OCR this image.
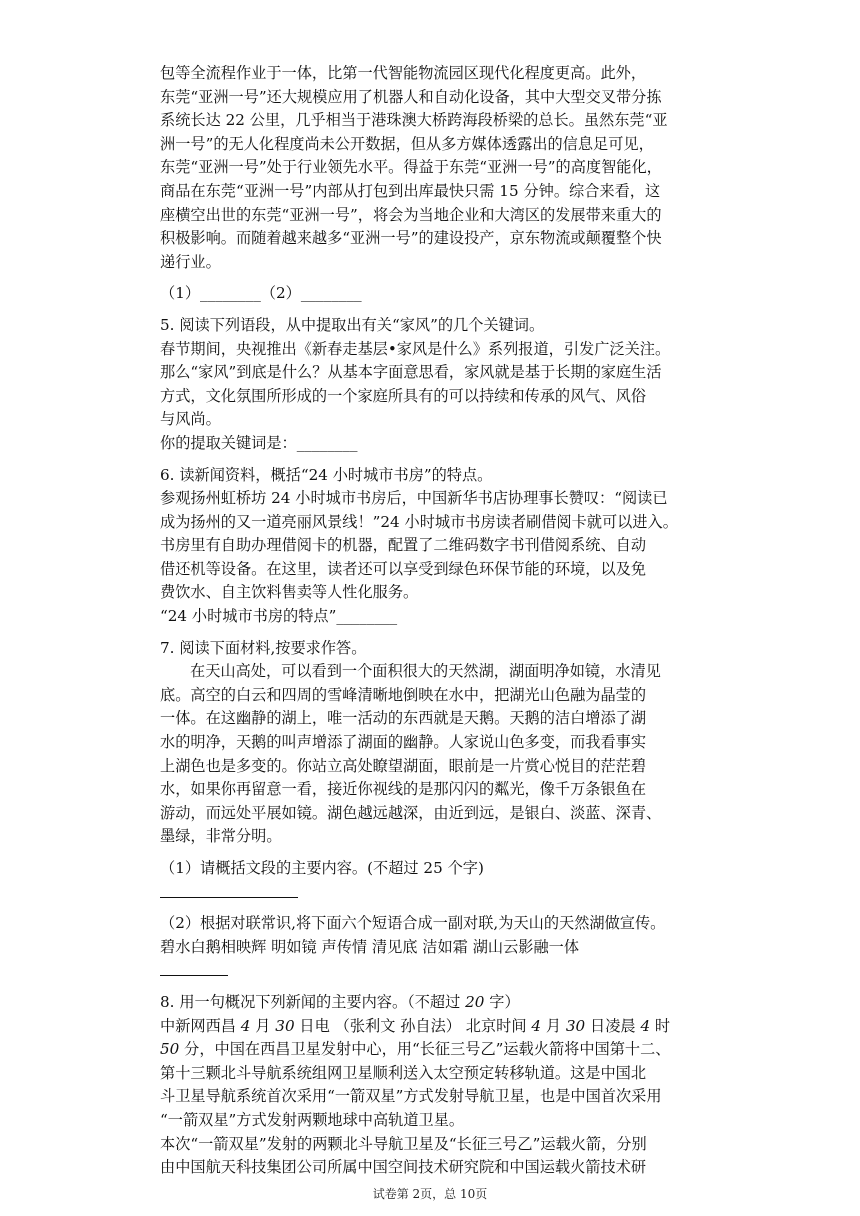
包等全流程作业于一体，比第一代智能物流园区现代化程度更高。此外，
东莞“亚洲一号”还大规模应用了机器人和自动化设备，其中大型交叉带分拣
系统长达 22 公里，几乎相当于港珠澳大桥跨海段桥梁的总长。虽然东莞“亚
洲一号”的无人化程度尚未公开数据，但从多方媒体透露出的信息足可见，
东莞“亚洲一号”处于行业领先水平。得益于东莞“亚洲一号”的高度智能化，
商品在东莞“亚洲一号”内部从打包到出库最快只需 15 分钟。综合来看，这
座横空出世的东莞“亚洲一号”，将会为当地企业和大湾区的发展带来重大的
积极影响。而随着越来越多“亚洲一号”的建设投产，京东物流或颠覆整个快
递行业。
（1）________（2）________
5. 阅读下列语段，从中提取出有关“家风”的几个关键词。
春节期间，央视推出《新春走基层•家风是什么》系列报道，引发广泛关注。
那么“家风”到底是什么？从基本字面意思看，家风就是基于长期的家庭生活
方式，文化氛围所形成的一个家庭所具有的可以持续和传承的风气、风俗
与风尚。
你的提取关键词是：________
6. 读新闻资料，概括“24 小时城市书房”的特点。
参观扬州虹桥坊 24 小时城市书房后，中国新华书店协理事长赞叹：“阅读已
成为扬州的又一道亮丽风景线！”24 小时城市书房读者刷借阅卡就可以进入。
书房里有自助办理借阅卡的机器，配置了二维码数字书刊借阅系统、自动
借还机等设备。在这里，读者还可以享受到绿色环保节能的环境，以及免
费饮水、自主饮料售卖等人性化服务。
“24 小时城市书房的特点”________
7. 阅读下面材料,按要求作答。
在天山高处，可以看到一个面积很大的天然湖，湖面明净如镜，水清见
底。高空的白云和四周的雪峰清晰地倒映在水中，把湖光山色融为晶莹的
一体。在这幽静的湖上，唯一活动的东西就是天鹅。天鹅的洁白增添了湖
水的明净，天鹅的叫声增添了湖面的幽静。人家说山色多变，而我看事实
上湖色也是多变的。你站立高处瞭望湖面，眼前是一片赏心悦目的茫茫碧
水，如果你再留意一看，接近你视线的是那闪闪的粼光，像千万条银鱼在
游动，而远处平展如镜。湖色越远越深，由近到远，是银白、淡蓝、深青、
墨绿，非常分明。
（1）请概括文段的主要内容。(不超过 25 个字)
（2）根据对联常识,将下面六个短语合成一副对联,为天山的天然湖做宣传。
碧水白鹅相映辉 明如镜 声传情 清见底 洁如霜 湖山云影融一体
8. 用一句概况下列新闻的主要内容。（不超过 20 字）
中新网西昌 4 月 30 日电 （张利文 孙自法） 北京时间 4 月 30 日凌晨 4 时
50 分，中国在西昌卫星发射中心，用“长征三号乙”运载火箭将中国第十二、
第十三颗北斗导航系统组网卫星顺利送入太空预定转移轨道。这是中国北
斗卫星导航系统首次采用“一箭双星”方式发射导航卫星，也是中国首次采用
“一箭双星”方式发射两颗地球中高轨道卫星。
本次“一箭双星”发射的两颗北斗导航卫星及“长征三号乙”运载火箭，分别
由中国航天科技集团公司所属中国空间技术研究院和中国运载火箭技术研
试卷第 2页，总 10页
